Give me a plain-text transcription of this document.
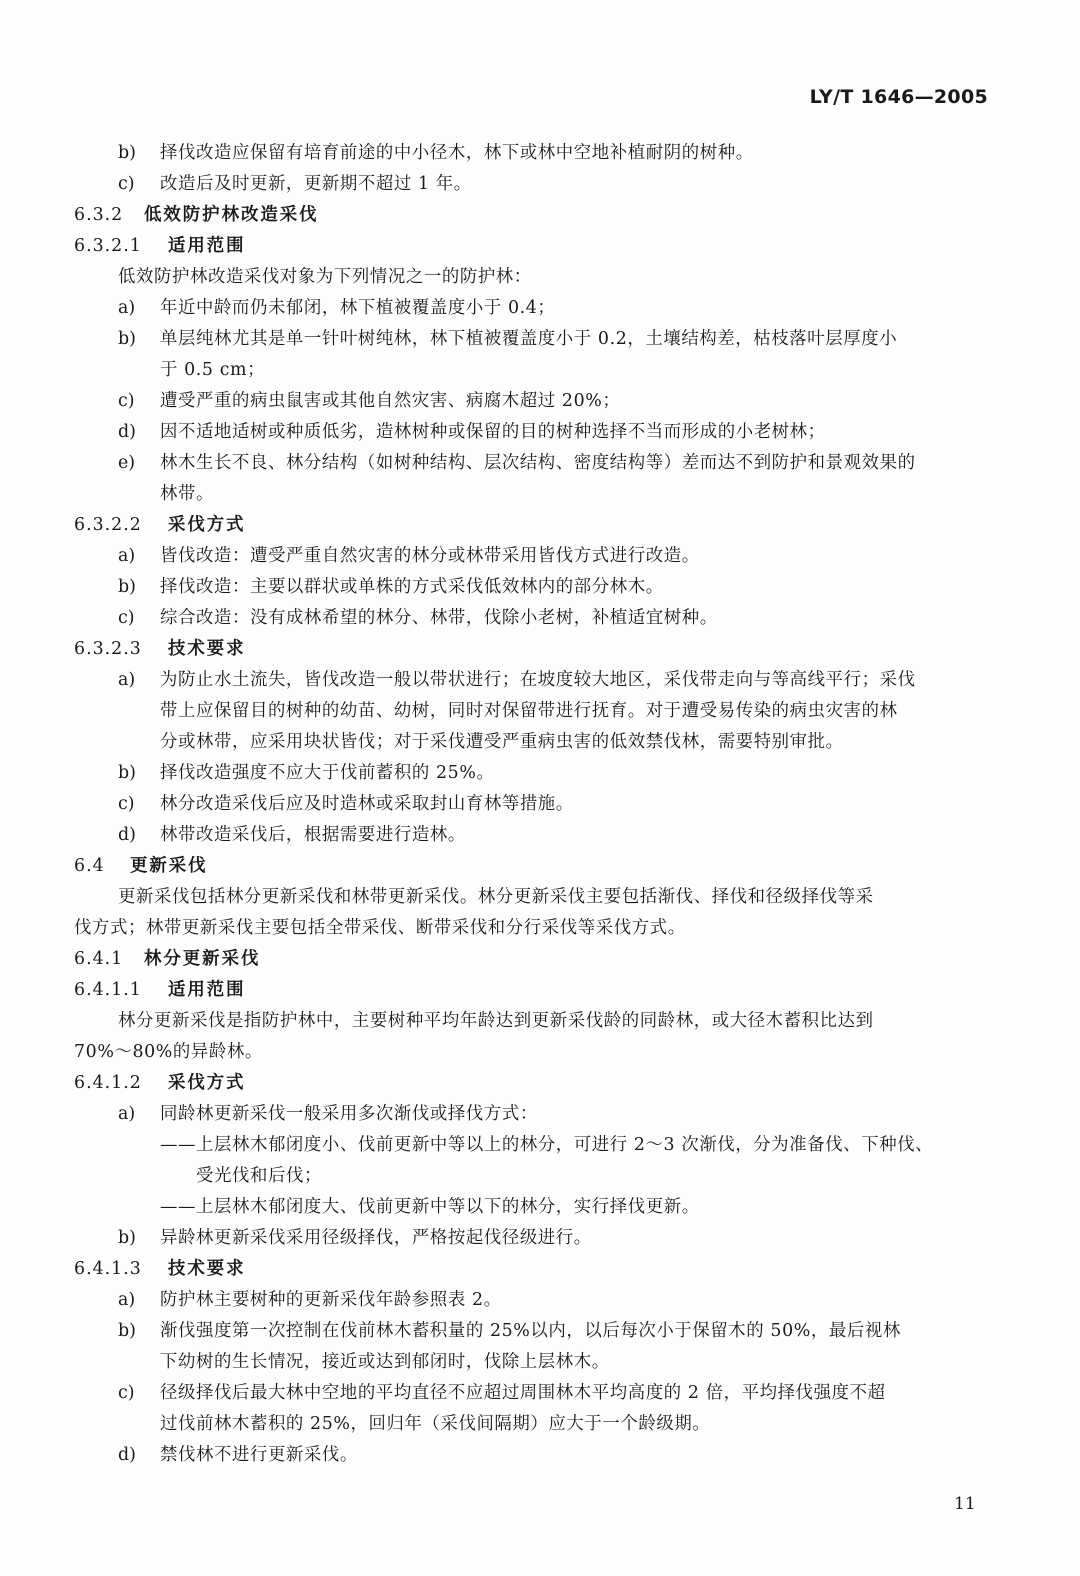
LY/T 1646—2005
b) 择伐改造应保留有培育前途的中小径木，林下或林中空地补植耐阴的树种。
c) 改造后及时更新，更新期不超过 1 年。
6.3.2 低效防护林改造采伐
6.3.2.1 适用范围
低效防护林改造采伐对象为下列情况之一的防护林：
a) 年近中龄而仍未郁闭，林下植被覆盖度小于 0.4；
b) 单层纯林尤其是单一针叶树纯林，林下植被覆盖度小于 0.2，土壤结构差，枯枝落叶层厚度小
于 0.5 cm；
c) 遭受严重的病虫鼠害或其他自然灾害、病腐木超过 20%；
d) 因不适地适树或种质低劣，造林树种或保留的目的树种选择不当而形成的小老树林；
e) 林木生长不良、林分结构（如树种结构、层次结构、密度结构等）差而达不到防护和景观效果的
林带。
6.3.2.2 采伐方式
a) 皆伐改造：遭受严重自然灾害的林分或林带采用皆伐方式进行改造。
b) 择伐改造：主要以群状或单株的方式采伐低效林内的部分林木。
c) 综合改造：没有成林希望的林分、林带，伐除小老树，补植适宜树种。
6.3.2.3 技术要求
a) 为防止水土流失，皆伐改造一般以带状进行；在坡度较大地区，采伐带走向与等高线平行；采伐
带上应保留目的树种的幼苗、幼树，同时对保留带进行抚育。对于遭受易传染的病虫灾害的林
分或林带，应采用块状皆伐；对于采伐遭受严重病虫害的低效禁伐林，需要特别审批。
b) 择伐改造强度不应大于伐前蓄积的 25%。
c) 林分改造采伐后应及时造林或采取封山育林等措施。
d) 林带改造采伐后，根据需要进行造林。
6.4 更新采伐
更新采伐包括林分更新采伐和林带更新采伐。林分更新采伐主要包括渐伐、择伐和径级择伐等采
伐方式；林带更新采伐主要包括全带采伐、断带采伐和分行采伐等采伐方式。
6.4.1 林分更新采伐
6.4.1.1 适用范围
林分更新采伐是指防护林中，主要树种平均年龄达到更新采伐龄的同龄林，或大径木蓄积比达到
70%～80%的异龄林。
6.4.1.2 采伐方式
a) 同龄林更新采伐一般采用多次渐伐或择伐方式：
——上层林木郁闭度小、伐前更新中等以上的林分，可进行 2～3 次渐伐，分为准备伐、下种伐、
受光伐和后伐；
——上层林木郁闭度大、伐前更新中等以下的林分，实行择伐更新。
b) 异龄林更新采伐采用径级择伐，严格按起伐径级进行。
6.4.1.3 技术要求
a) 防护林主要树种的更新采伐年龄参照表 2。
b) 渐伐强度第一次控制在伐前林木蓄积量的 25%以内，以后每次小于保留木的 50%，最后视林
下幼树的生长情况，接近或达到郁闭时，伐除上层林木。
c) 径级择伐后最大林中空地的平均直径不应超过周围林木平均高度的 2 倍，平均择伐强度不超
过伐前林木蓄积的 25%，回归年（采伐间隔期）应大于一个龄级期。
d) 禁伐林不进行更新采伐。
11
